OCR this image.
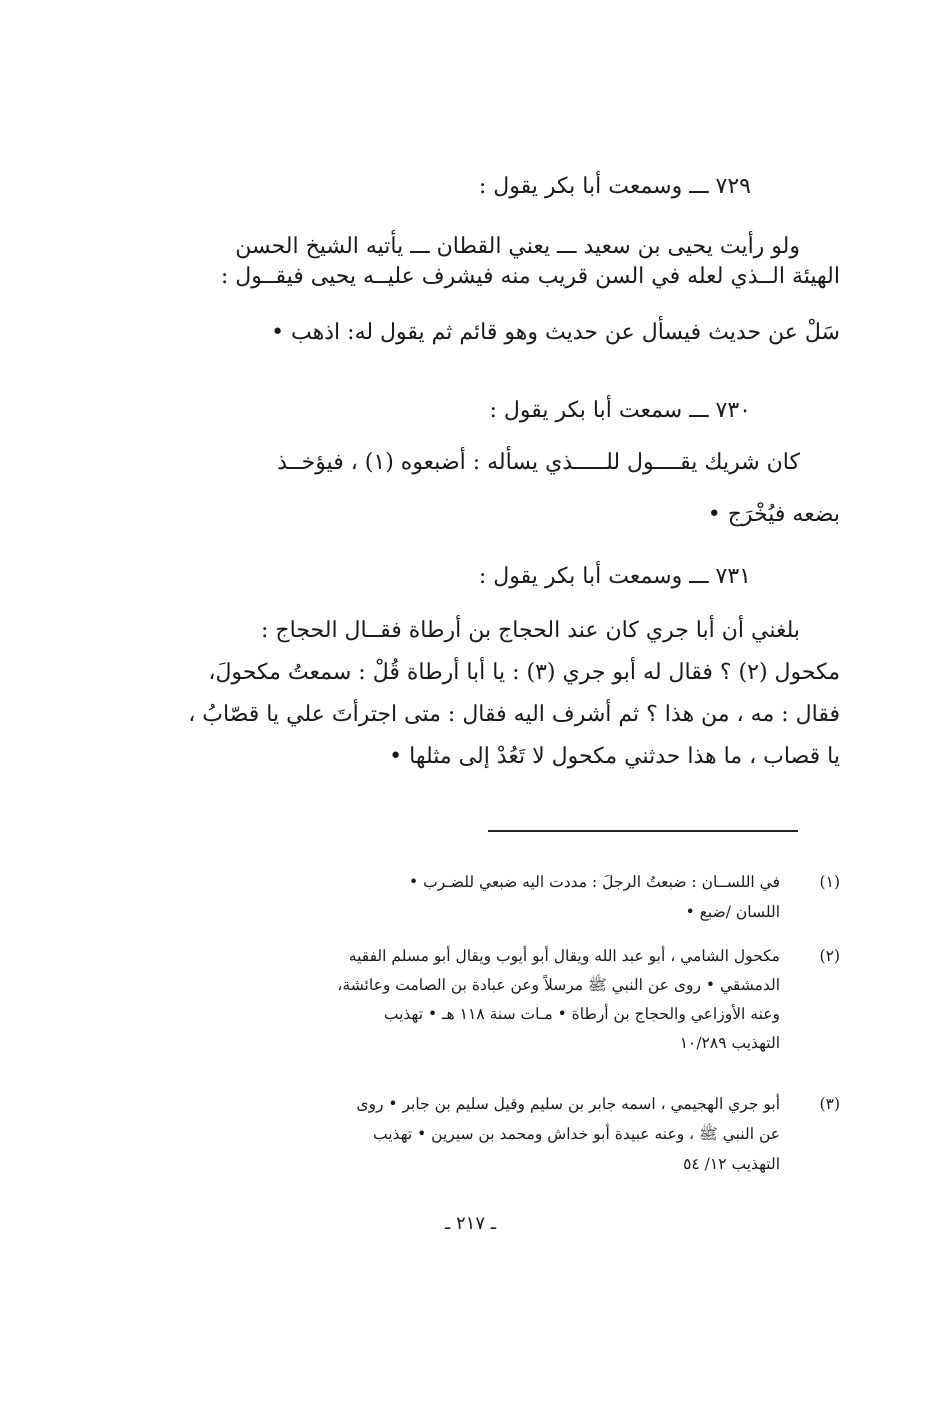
٧٢٩ ـــ وسمعت أبا بكر يقول :
ولو رأيت يحيى بن سعيد ـــ يعني القطان ـــ يأتيه الشيخ الحسن
الهيئة الــذي لعله في السن قريب منه فيشرف عليــه يحيى فيقــول :
سَلْ عن حديث فيسأل عن حديث وهو قائم ثم يقول له: اذهب •
٧٣٠ ـــ سمعت أبا بكر يقول :
كان شريك يقــــول للـــــذي يسأله : أضبعوه (١) ، فيؤخــذ
بضعه فيُخْرَج •
٧٣١ ـــ وسمعت أبا بكر يقول :
بلغني أن أبا جري كان عند الحجاج بن أرطاة فقــال الحجاج :
مكحول (٢) ؟ فقال له أبو جري (٣) : يا أبا أرطاة قُلْ : سمعتُ مكحولَ،
فقال : مه ، من هذا ؟ ثم أشرف اليه فقال : متى اجترأتَ علي يا قصّابُ ،
يا قصاب ، ما هذا حدثني مكحول لا تَعُدْ إلى مثلها •
(١)
في اللســان : ضبعتُ الرجلَ : مددت اليه ضبعي للضـرب •
اللسان /ضبع •
(٢)
مكحول الشامي ، أبو عبد الله ويقال أبو أيوب ويقال أبو مسلم الفقيه
الدمشقي • روى عن النبي ﷺ مرسلاً وعن عبادة بن الصامت وعائشة،
وعنه الأوزاعي والحجاج بن أرطاة • مـات سنة ١١٨ هـ • تهذيب
التهذيب ١٠/٢٨٩
(٣)
أبو جري الهجيمي ، اسمه جابر بن سليم وقيل سليم بن جابر • روى
عن النبي ﷺ ، وعنه عبيدة أبو خداش ومحمد بن سيرين • تهذيب
التهذيب ١٢/ ٥٤
ـ ٢١٧ ـ
